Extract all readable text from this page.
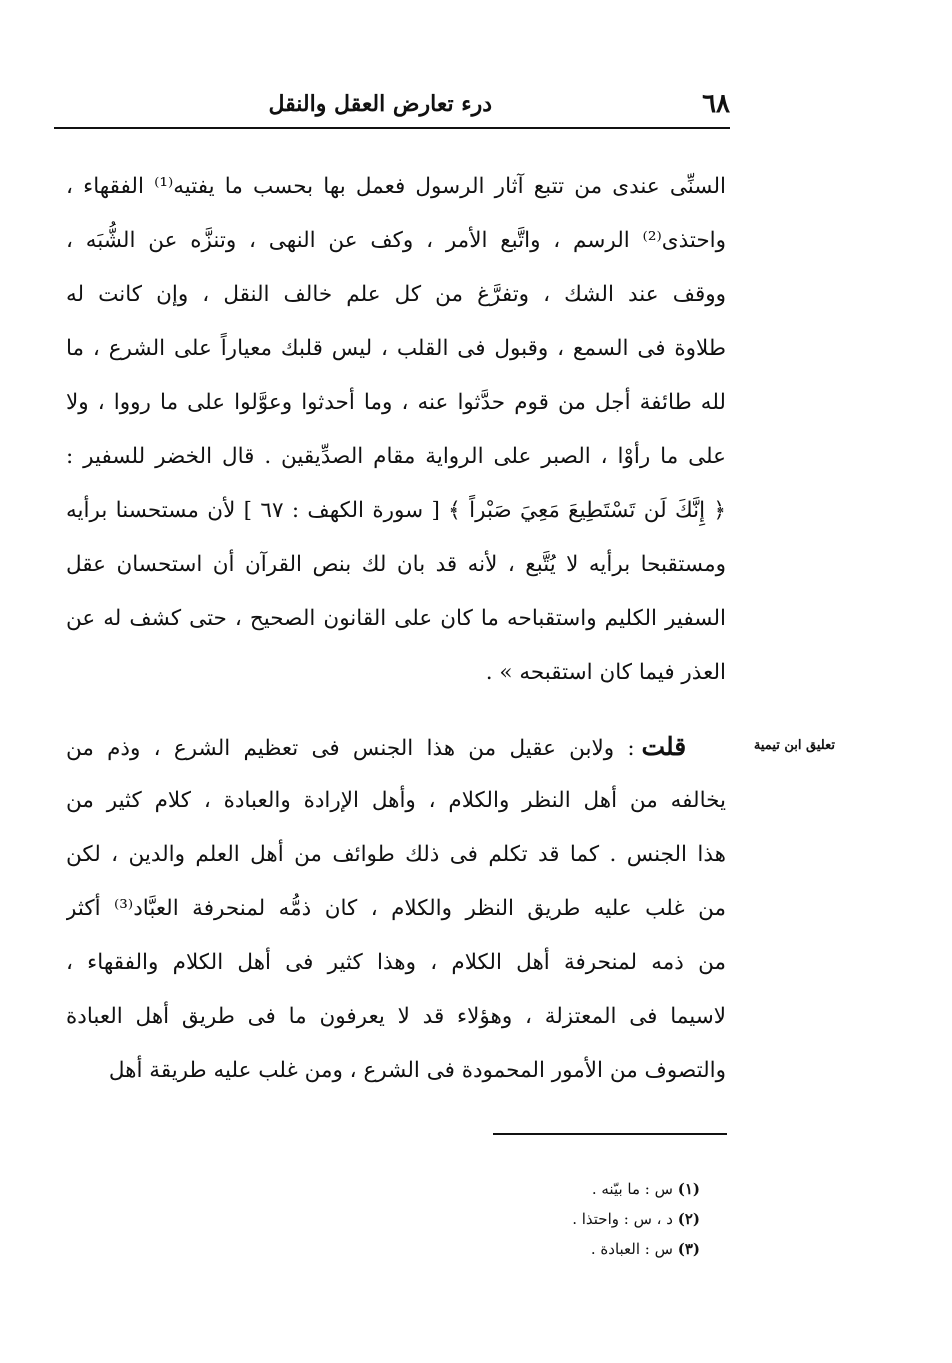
٦٨
درء تعارض العقل والنقل
السنِّى عندى من تتبع آثار الرسول فعمل بها بحسب ما يفتيه⁽¹⁾ الفقهاء ،
واحتذى⁽²⁾ الرسم ، واتَّبع الأمر ، وكف عن النهى ، وتنزَّه عن الشُّبَه ،
ووقف عند الشك ، وتفرَّغ من كل علم خالف النقل ، وإن كانت له
طلاوة فى السمع ، وقبول فى القلب ، ليس قلبك معياراً على الشرع ، ما
لله طائفة أجل من قوم حدَّثوا عنه ، وما أحدثوا وعوَّلوا على ما رووا ، ولا
على ما رأوْا ، الصبر على الرواية مقام الصدِّيقين . قال الخضر للسفير :
﴿ إِنَّكَ لَن تَسْتَطِيعَ مَعِيَ صَبْراً ﴾ [ سورة الكهف : ٦٧ ] لأن مستحسنا برأيه
ومستقبحا برأيه لا يُتَّبع ، لأنه قد بان لك بنص القرآن أن استحسان عقل
السفير الكليم واستقباحه ما كان على القانون الصحيح ، حتى كشف له عن
العذر فيما كان استقبحه » .
تعليق ابن تيمية
​   قلت : ولابن عقيل من هذا الجنس فى تعظيم الشرع ، وذم من
يخالفه من أهل النظر والكلام ، وأهل الإرادة والعبادة ، كلام كثير من
هذا الجنس . كما قد تكلم فى ذلك طوائف من أهل العلم والدين ، لكن
من غلب عليه طريق النظر والكلام ، كان ذمُّه لمنحرفة العبَّاد⁽³⁾ أكثر
من ذمه لمنحرفة أهل الكلام ، وهذا كثير فى أهل الكلام والفقهاء ،
لاسيما فى المعتزلة ، وهؤلاء قد لا يعرفون ما فى طريق أهل العبادة
والتصوف من الأمور المحمودة فى الشرع ، ومن غلب عليه طريقة أهل
(١) س : ما بيّنه .
(٢) د ، س : واحتذا .
(٣) س : العبادة .
